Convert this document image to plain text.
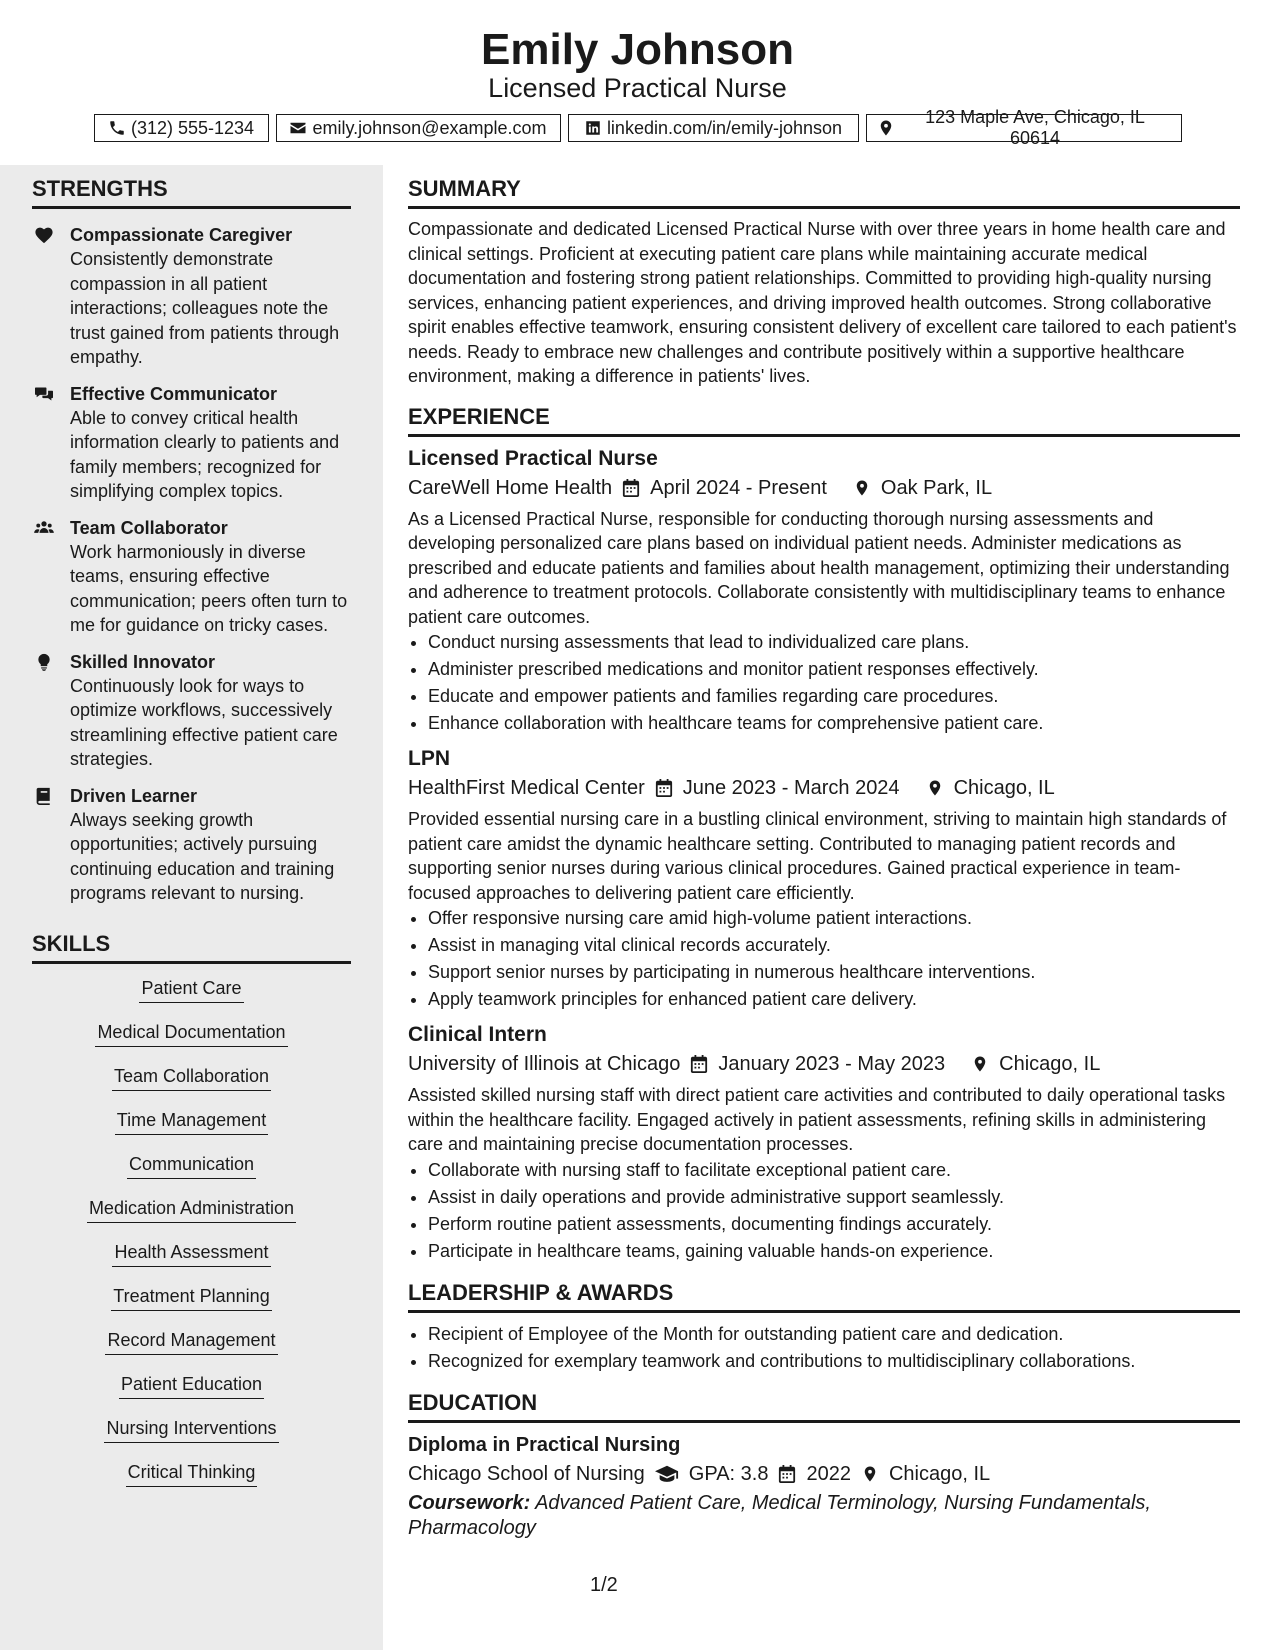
Emily Johnson
Licensed Practical Nurse
(312) 555-1234	emily.johnson@example.com	linkedin.com/in/emily-johnson
123 Maple Ave, Chicago, IL 60614
STRENGTHS
Compassionate Caregiver
Consistently demonstrate compassion in all patient interactions; colleagues note the trust gained from patients through empathy.
Effective Communicator
Able to convey critical health information clearly to patients and family members; recognized for simplifying complex topics.
Team Collaborator
Work harmoniously in diverse teams, ensuring effective communication; peers often turn to me for guidance on tricky cases.
Skilled Innovator
Continuously look for ways to optimize workflows, successively streamlining effective patient care strategies.
Driven Learner
Always seeking growth opportunities; actively pursuing continuing education and training programs relevant to nursing.
SKILLS
Patient Care
Medical Documentation
Team Collaboration
Time Management
Communication
Medication Administration
Health Assessment
Treatment Planning
Record Management
Patient Education
Nursing Interventions
Critical Thinking
SUMMARY
Compassionate and dedicated Licensed Practical Nurse with over three years in home health care and clinical settings. Proficient at executing patient care plans while maintaining accurate medical documentation and fostering strong patient relationships. Committed to providing high-quality nursing services, enhancing patient experiences, and driving improved health outcomes. Strong collaborative spirit enables effective teamwork, ensuring consistent delivery of excellent care tailored to each patient's needs. Ready to embrace new challenges and contribute positively within a supportive healthcare environment, making a difference in patients' lives.
EXPERIENCE
Licensed Practical Nurse
CareWell Home Health April 2024 - Present	Oak Park, IL
As a Licensed Practical Nurse, responsible for conducting thorough nursing assessments and developing personalized care plans based on individual patient needs. Administer medications as prescribed and educate patients and families about health management, optimizing their understanding and adherence to treatment protocols. Collaborate consistently with multidisciplinary teams to enhance patient care outcomes.
• Conduct nursing assessments that lead to individualized care plans.
• Administer prescribed medications and monitor patient responses effectively.
• Educate and empower patients and families regarding care procedures.
• Enhance collaboration with healthcare teams for comprehensive patient care.
LPN
HealthFirst Medical Center June 2023 - March 2024	Chicago, IL
Provided essential nursing care in a bustling clinical environment, striving to maintain high standards of patient care amidst the dynamic healthcare setting. Contributed to managing patient records and supporting senior nurses during various clinical procedures. Gained practical experience in team-focused approaches to delivering patient care efficiently.
• Offer responsive nursing care amid high-volume patient interactions.
• Assist in managing vital clinical records accurately.
• Support senior nurses by participating in numerous healthcare interventions.
• Apply teamwork principles for enhanced patient care delivery.
Clinical Intern
University of Illinois at Chicago January 2023 - May 2023	Chicago, IL
Assisted skilled nursing staff with direct patient care activities and contributed to daily operational tasks within the healthcare facility. Engaged actively in patient assessments, refining skills in administering care and maintaining precise documentation processes.
• Collaborate with nursing staff to facilitate exceptional patient care.
• Assist in daily operations and provide administrative support seamlessly.
• Perform routine patient assessments, documenting findings accurately.
• Participate in healthcare teams, gaining valuable hands-on experience.
LEADERSHIP & AWARDS
• Recipient of Employee of the Month for outstanding patient care and dedication.
• Recognized for exemplary teamwork and contributions to multidisciplinary collaborations.
EDUCATION
Diploma in Practical Nursing
Chicago School of Nursing GPA: 3.8 2022 Chicago, IL
Coursework: Advanced Patient Care, Medical Terminology, Nursing Fundamentals, Pharmacology
1/2
